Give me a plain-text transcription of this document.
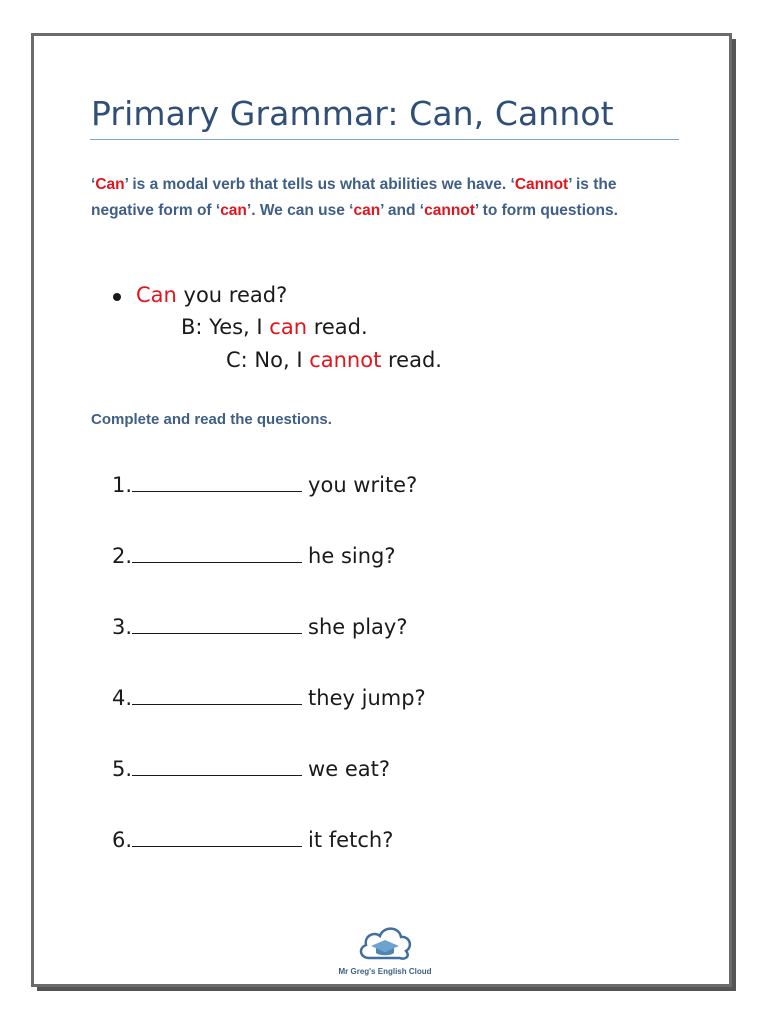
Primary Grammar: Can, Cannot
‘Can’ is a modal verb that tells us what abilities we have. ‘Cannot’ is the negative form of ‘can’. We can use ‘can’ and ‘cannot’ to form questions.
Can you read?
B: Yes, I can read.
C: No, I cannot read.
Complete and read the questions.
1.	you write?
2.	he sing?
3.	she play?
4.	they jump?
5.	we eat?
6.	it fetch?
Mr Greg's English Cloud
